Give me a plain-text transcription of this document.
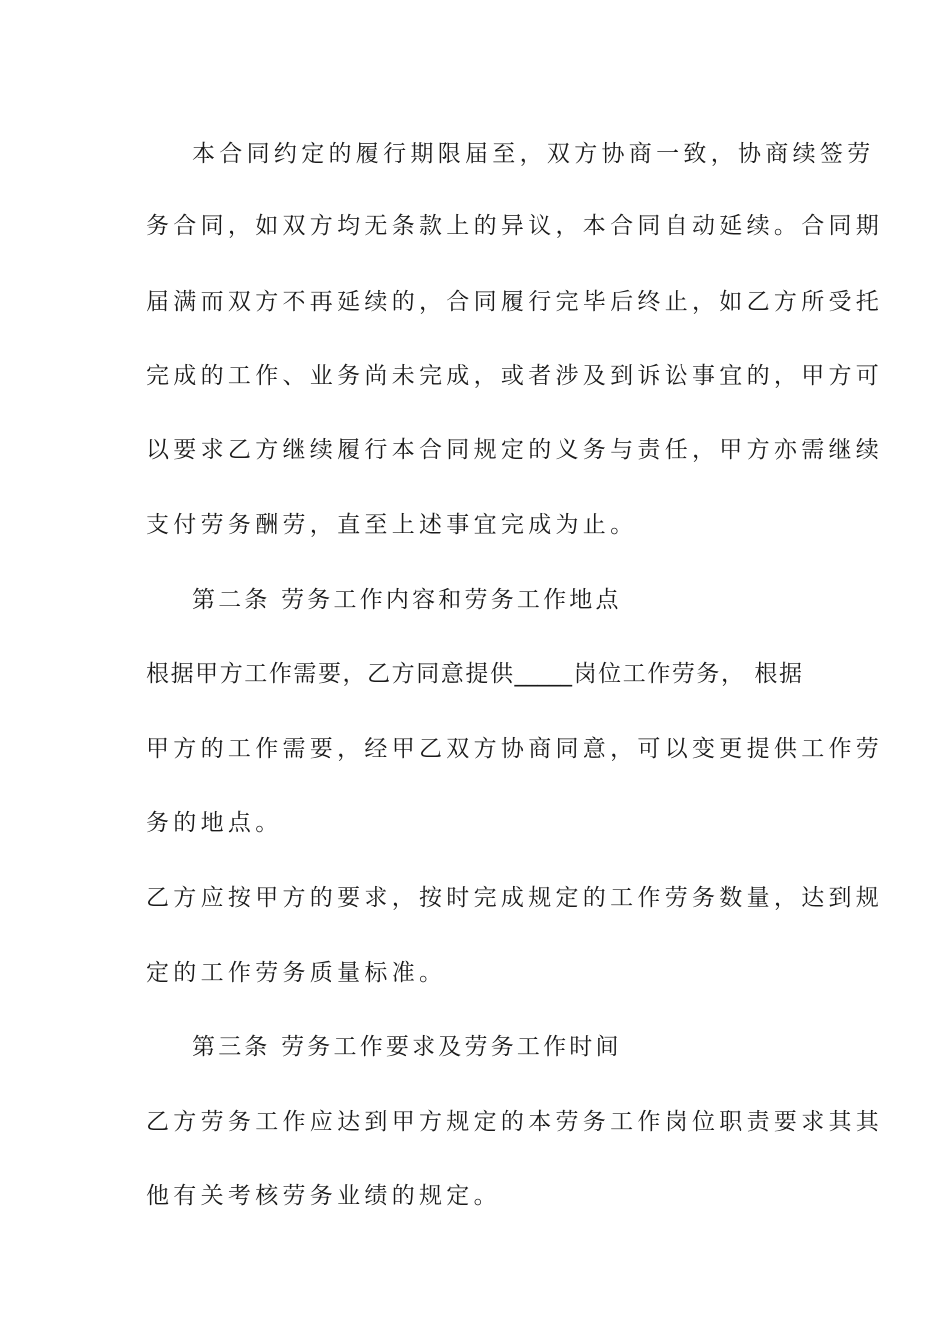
本合同约定的履行期限届至，双方协商一致，协商续签劳

务合同，如双方均无条款上的异议，本合同自动延续。合同期

届满而双方不再延续的，合同履行完毕后终止，如乙方所受托

完成的工作、业务尚未完成，或者涉及到诉讼事宜的，甲方可

以要求乙方继续履行本合同规定的义务与责任，甲方亦需继续

支付劳务酬劳，直至上述事宜完成为止。

第二条 劳务工作内容和劳务工作地点

根据甲方工作需要，乙方同意提供_____岗位工作劳务， 根据

甲方的工作需要，经甲乙双方协商同意，可以变更提供工作劳

务的地点。

乙方应按甲方的要求，按时完成规定的工作劳务数量，达到规

定的工作劳务质量标准。

第三条 劳务工作要求及劳务工作时间

乙方劳务工作应达到甲方规定的本劳务工作岗位职责要求其其

他有关考核劳务业绩的规定。
